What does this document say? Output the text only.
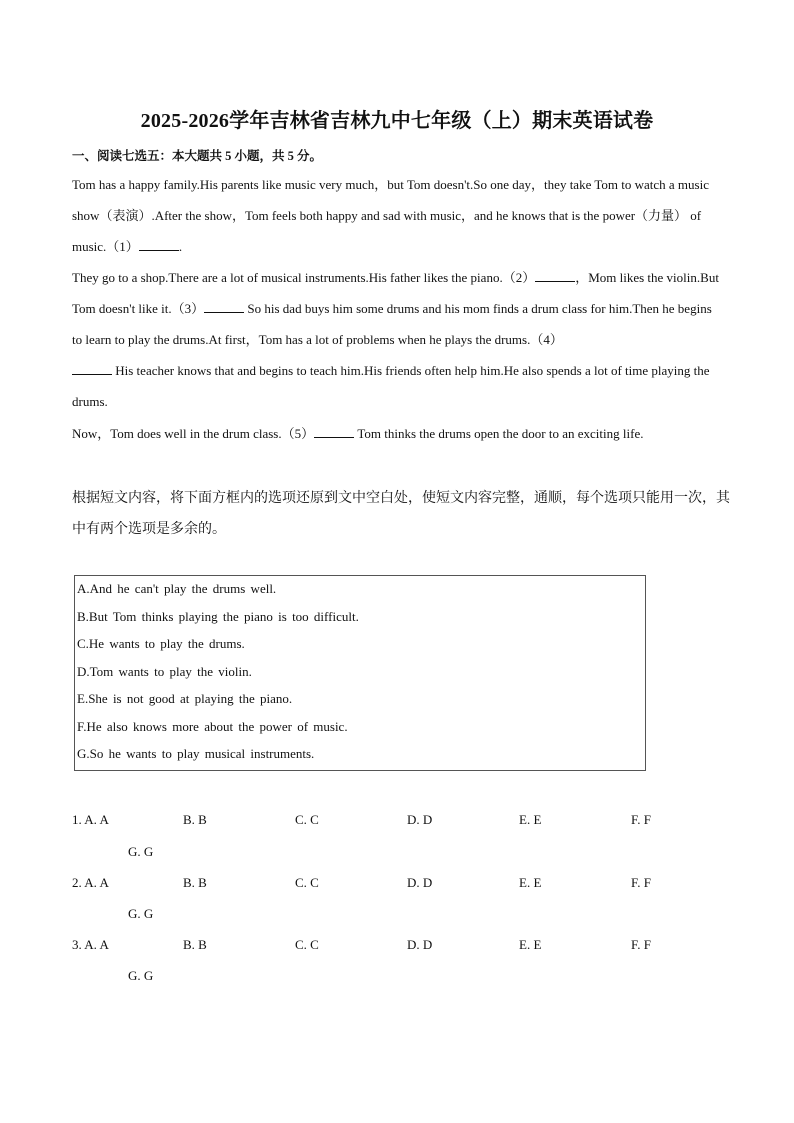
2025-2026学年吉林省吉林九中七年级（上）期末英语试卷
一、阅读七选五：本大题共 5 小题，共 5 分。

Tom has a happy family.His parents like music very much，but Tom doesn't.So one day，they take Tom to watch a music show（表演）.After the show，Tom feels both happy and sad with music，and he knows that is the power（力量） of music.（1）	.

They go to a shop.There are a lot of musical instruments.His father likes the piano.（2）	，Mom likes the violin.But Tom doesn't like it.（3）	So his dad buys him some drums and his mom finds a drum class for him.Then he begins to learn to play the drums.At first，Tom has a lot of problems when he plays the drums.（4）
His teacher knows that and begins to teach him.His friends often help him.He also spends a lot of time playing the drums.

Now，Tom does well in the drum class.（5）	Tom thinks the drums open the door to an exciting life.

根据短文内容，将下面方框内的选项还原到文中空白处，使短文内容完整，通顺，每个选项只能用一次，其中有两个选项是多余的。

A.And he can't play the drums well.
B.But Tom thinks playing the piano is too difficult.
C.He wants to play the drums.
D.Tom wants to play the violin.
E.She is not good at playing the piano.
F.He also knows more about the power of music.
G.So he wants to play musical instruments.
1. A. A	B. B	C. C	D. D	E. E	F. F
G. G
2. A. A	B. B	C. C	D. D	E. E	F. F
G. G
3. A. A	B. B	C. C	D. D	E. E	F. F
G. G
